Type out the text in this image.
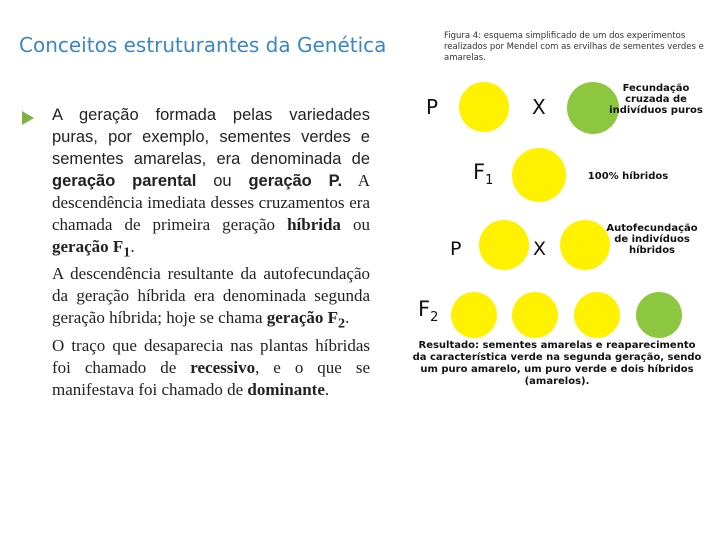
Conceitos estruturantes da Genética
A geração formada pelas variedades puras, por exemplo, sementes verdes e sementes amarelas, era denominada de geração parental ou geração P. A descendência imediata desses cruzamentos era chamada de primeira geração híbrida ou geração $F_1$.
A descendência resultante da autofecundação da geração híbrida era denominada segunda geração híbrida; hoje se chama geração $F_2$.
O traço que desaparecia nas plantas híbridas foi chamado de recessivo, e o que se manifestava foi chamado de dominante.
Figura 4: esquema simplificado de um dos experimentos realizados por Mendel com as ervilhas de sementes verdes e amarelas.
P	X
Fecundação cruzada de indivíduos puros
$F_1$	100% híbridos
P	X
Autofecundação de indivíduos híbridos
$F_2$
Resultado: sementes amarelas e reaparecimento da característica verde na segunda geração, sendo um puro amarelo, um puro verde e dois híbridos (amarelos).
